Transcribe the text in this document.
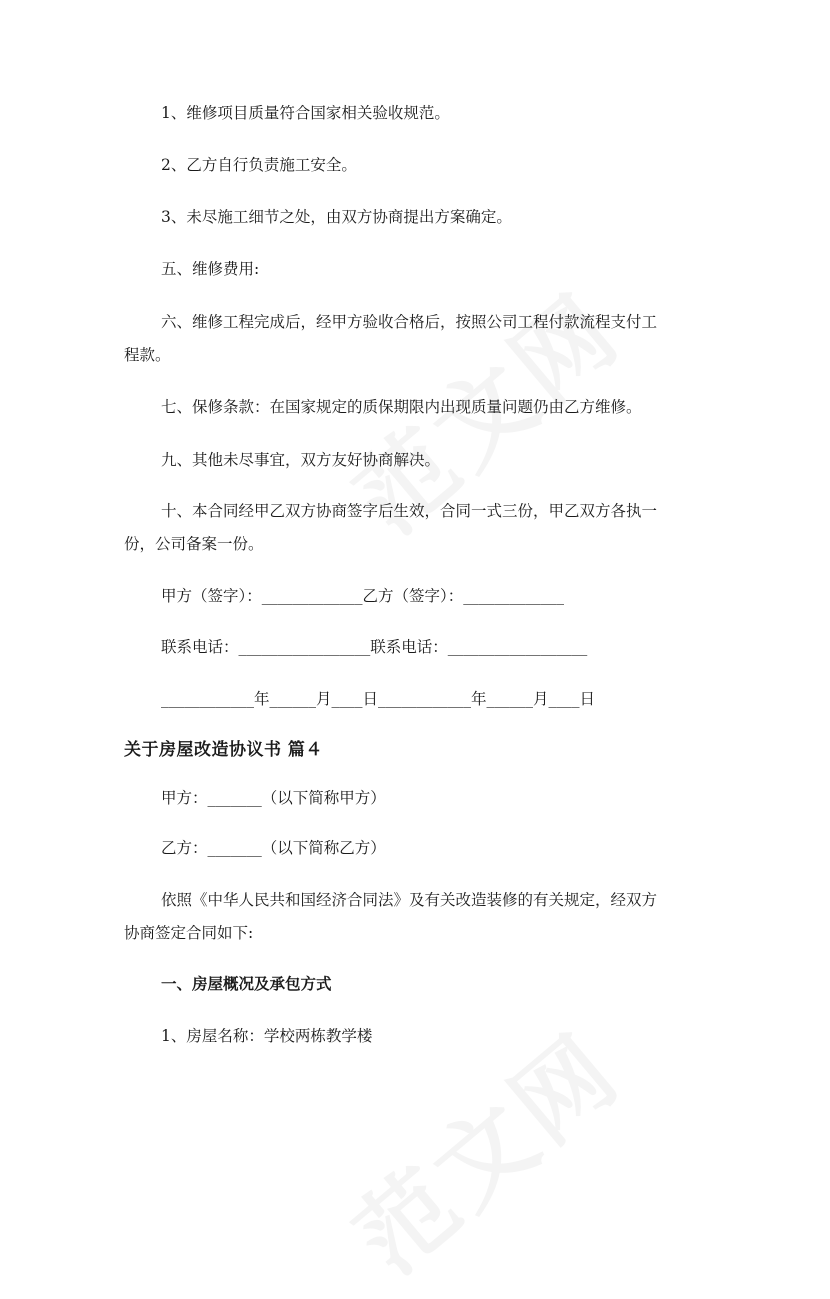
1、维修项目质量符合国家相关验收规范。
2、乙方自行负责施工安全。
3、未尽施工细节之处，由双方协商提出方案确定。
五、维修费用:
六、维修工程完成后，经甲方验收合格后，按照公司工程付款流程支付工
程款。
七、保修条款：在国家规定的质保期限内出现质量问题仍由乙方维修。
九、其他未尽事宜，双方友好协商解决。
十、本合同经甲乙双方协商签字后生效，合同一式三份，甲乙双方各执一
份，公司备案一份。
甲方（签字）：_____________乙方（签字）：_____________
联系电话：_________________联系电话：__________________
____________年______月____日____________年______月____日
关于房屋改造协议书 篇４
甲方：_______（以下简称甲方）
乙方：_______（以下简称乙方）
依照《中华人民共和国经济合同法》及有关改造装修的有关规定，经双方
协商签定合同如下:
一、房屋概况及承包方式
1、房屋名称：学校两栋教学楼
